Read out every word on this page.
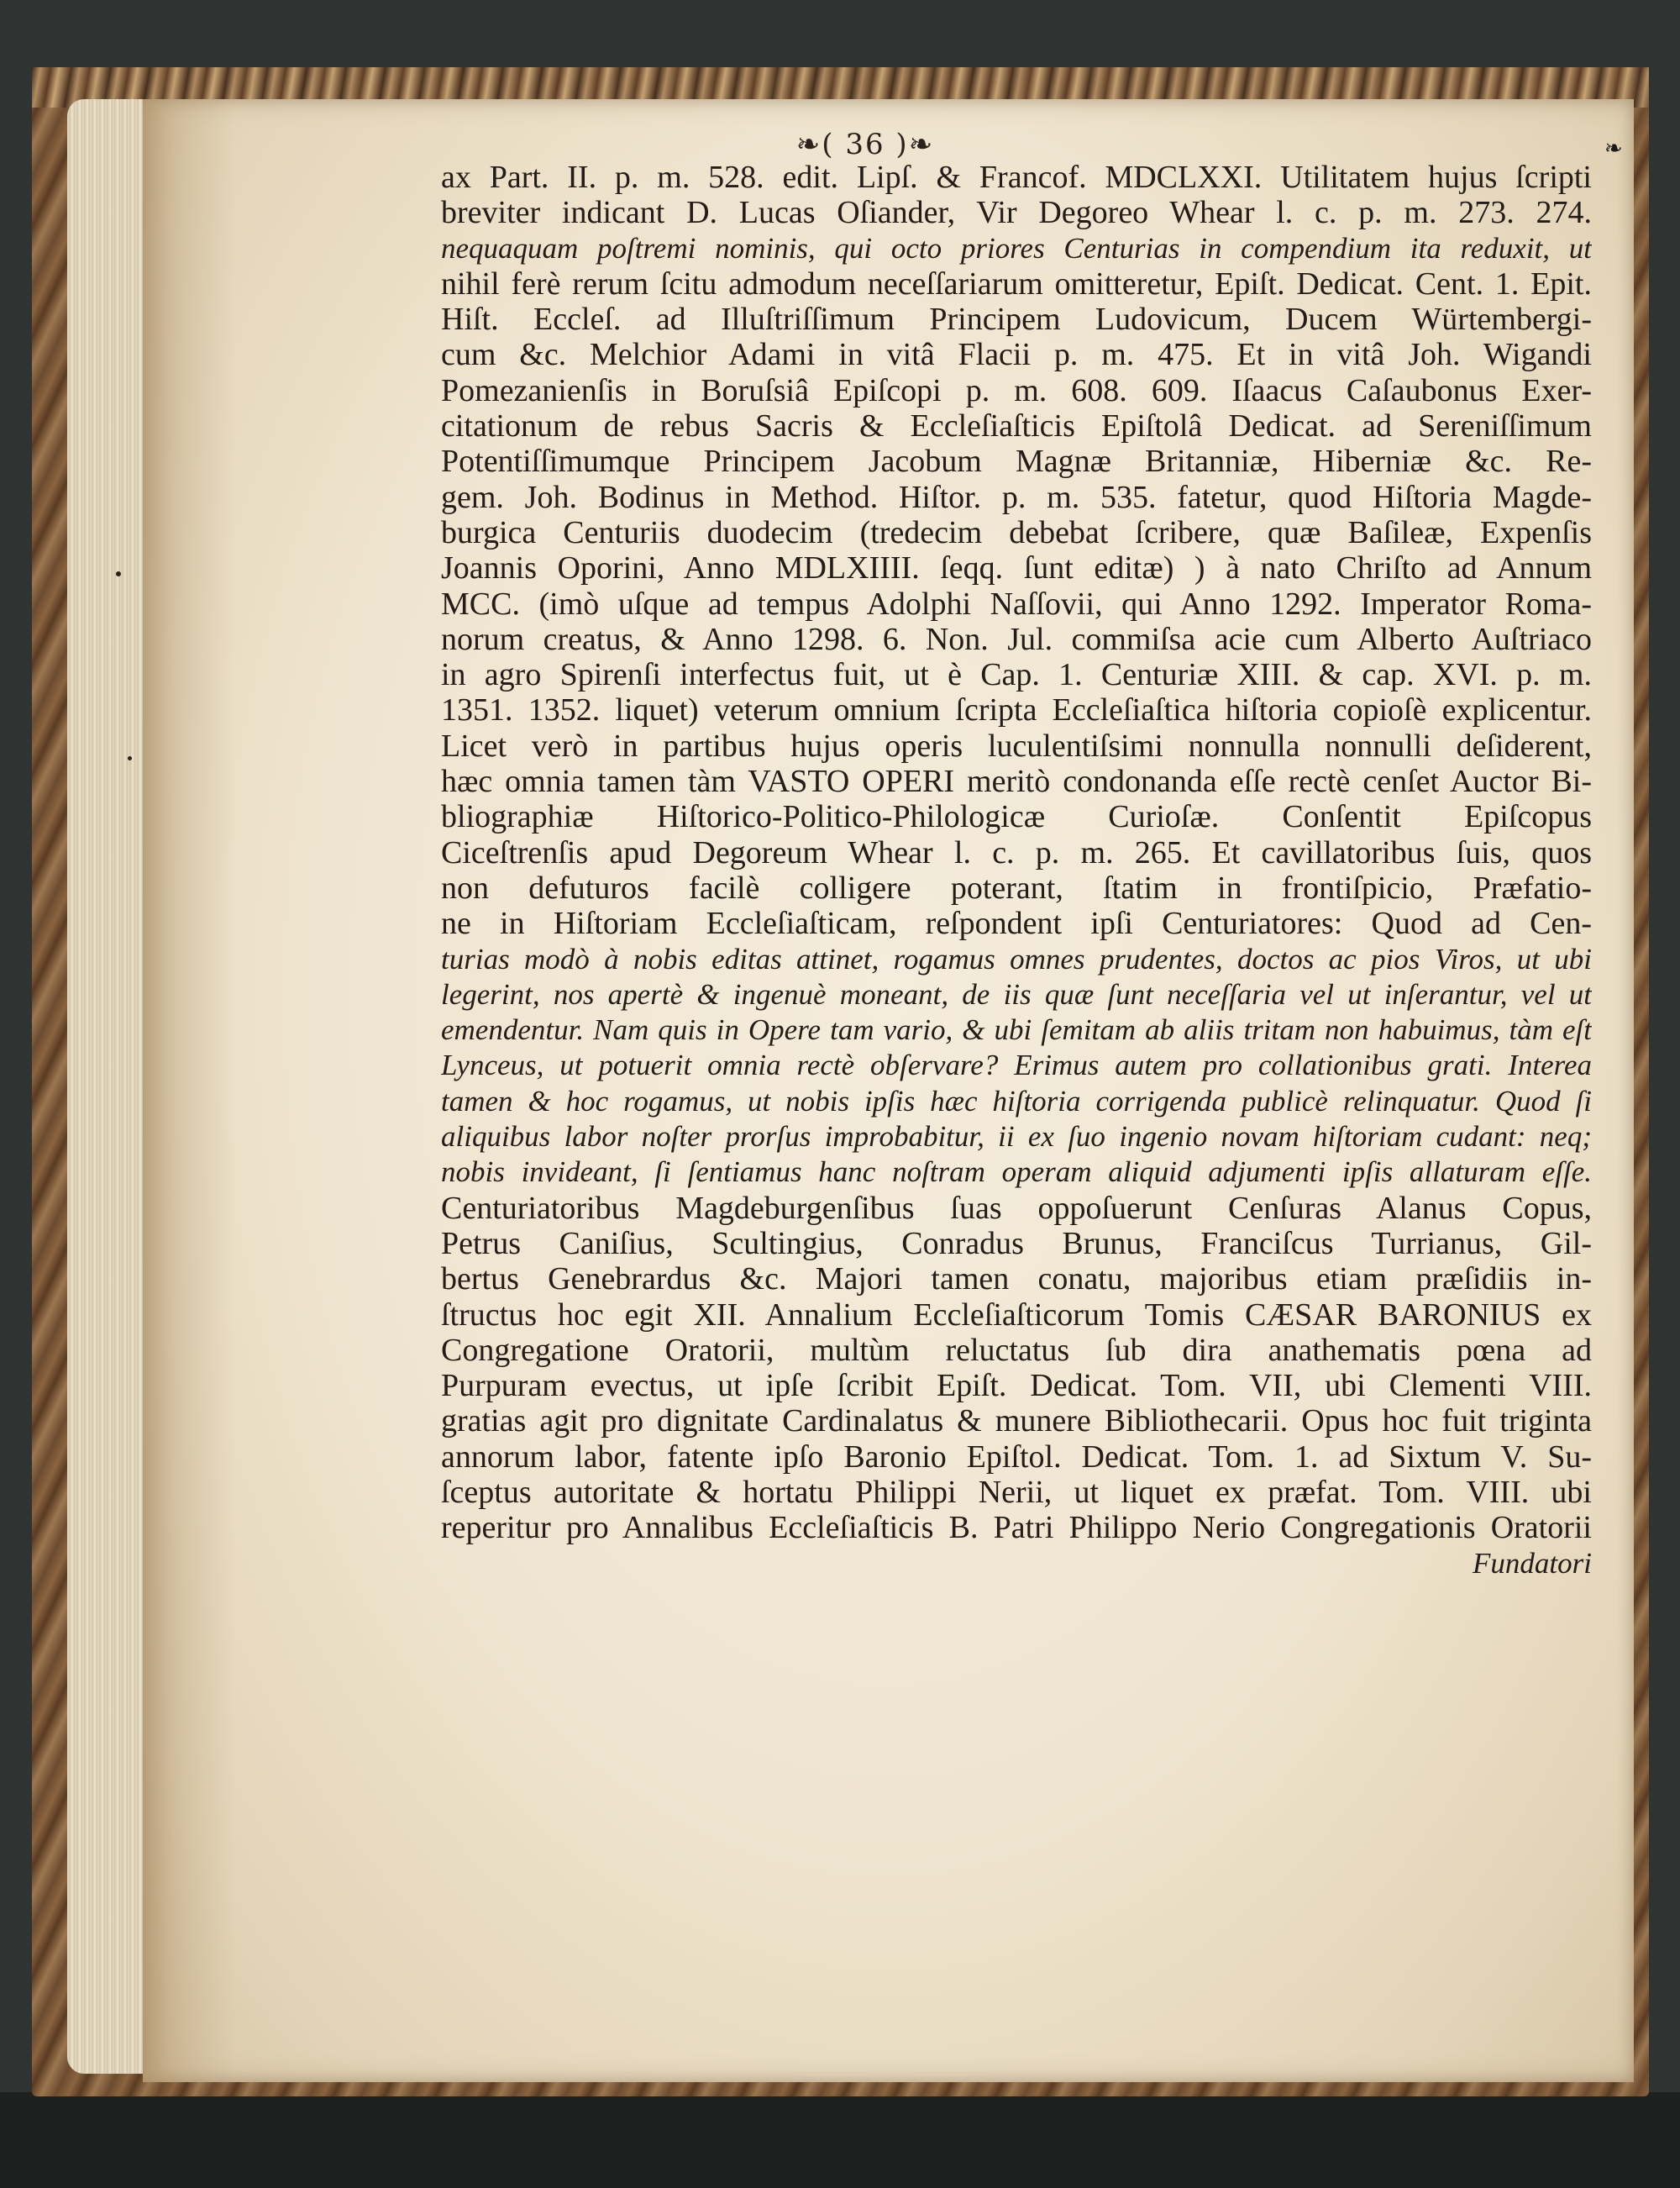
❧
❧( 36 )❧
ax Part. II. p. m. 528. edit. Lipſ. & Francof. MDCLXXI. Utilitatem hujus ſcripti
breviter indicant D. Lucas Oſiander, Vir Degoreo Whear l. c. p. m. 273. 274.
nequaquam poſtremi nominis, qui octo priores Centurias in compendium ita reduxit, ut
nihil ferè rerum ſcitu admodum neceſſariarum omitteretur, Epiſt. Dedicat. Cent. 1. Epit.
Hiſt. Eccleſ. ad Illuſtriſſimum Principem Ludovicum, Ducem Würtembergi-
cum &c. Melchior Adami in vitâ Flacii p. m. 475. Et in vitâ Joh. Wigandi
Pomezanienſis in Boruſsiâ Epiſcopi p. m. 608. 609. Iſaacus Caſaubonus Exer-
citationum de rebus Sacris & Eccleſiaſticis Epiſtolâ Dedicat. ad Sereniſſimum
Potentiſſimumque Principem Jacobum Magnæ Britanniæ, Hiberniæ &c. Re-
gem. Joh. Bodinus in Method. Hiſtor. p. m. 535. fatetur, quod Hiſtoria Magde-
burgica Centuriis duodecim (tredecim debebat ſcribere, quæ Baſileæ, Expenſis
Joannis Oporini, Anno MDLXIIII. ſeqq. ſunt editæ) ) à nato Chriſto ad Annum
MCC. (imò uſque ad tempus Adolphi Naſſovii, qui Anno 1292. Imperator Roma-
norum creatus, & Anno 1298. 6. Non. Jul. commiſsa acie cum Alberto Auſtriaco
in agro Spirenſi interfectus fuit, ut è Cap. 1. Centuriæ XIII. & cap. XVI. p. m.
1351. 1352. liquet) veterum omnium ſcripta Eccleſiaſtica hiſtoria copioſè explicentur.
Licet verò in partibus hujus operis luculentiſsimi nonnulla nonnulli deſiderent,
hæc omnia tamen tàm VASTO OPERI meritò condonanda eſſe rectè cenſet Auctor Bi-
bliographiæ Hiſtorico-Politico-Philologicæ Curioſæ. Conſentit Epiſcopus
Ciceſtrenſis apud Degoreum Whear l. c. p. m. 265. Et cavillatoribus ſuis, quos
non defuturos facilè colligere poterant, ſtatim in frontiſpicio, Præfatio-
ne in Hiſtoriam Eccleſiaſticam, reſpondent ipſi Centuriatores: Quod ad Cen-
turias modò à nobis editas attinet, rogamus omnes prudentes, doctos ac pios Viros, ut ubi
legerint, nos apertè & ingenuè moneant, de iis quæ ſunt neceſſaria vel ut inſerantur, vel ut
emendentur. Nam quis in Opere tam vario, & ubi ſemitam ab aliis tritam non habuimus, tàm eſt
Lynceus, ut potuerit omnia rectè obſervare? Erimus autem pro collationibus grati. Interea
tamen & hoc rogamus, ut nobis ipſis hæc hiſtoria corrigenda publicè relinquatur. Quod ſi
aliquibus labor noſter prorſus improbabitur, ii ex ſuo ingenio novam hiſtoriam cudant: neq;
nobis invideant, ſi ſentiamus hanc noſtram operam aliquid adjumenti ipſis allaturam eſſe.
Centuriatoribus Magdeburgenſibus ſuas oppoſuerunt Cenſuras Alanus Copus,
Petrus Caniſius, Scultingius, Conradus Brunus, Franciſcus Turrianus, Gil-
bertus Genebrardus &c. Majori tamen conatu, majoribus etiam præſidiis in-
ſtructus hoc egit XII. Annalium Eccleſiaſticorum Tomis CÆSAR BARONIUS ex
Congregatione Oratorii, multùm reluctatus ſub dira anathematis pœna ad
Purpuram evectus, ut ipſe ſcribit Epiſt. Dedicat. Tom. VII, ubi Clementi VIII.
gratias agit pro dignitate Cardinalatus & munere Bibliothecarii. Opus hoc fuit triginta
annorum labor, fatente ipſo Baronio Epiſtol. Dedicat. Tom. 1. ad Sixtum V. Su-
ſceptus autoritate & hortatu Philippi Nerii, ut liquet ex præfat. Tom. VIII. ubi
reperitur pro Annalibus Eccleſiaſticis B. Patri Philippo Nerio Congregationis Oratorii
Fundatori
